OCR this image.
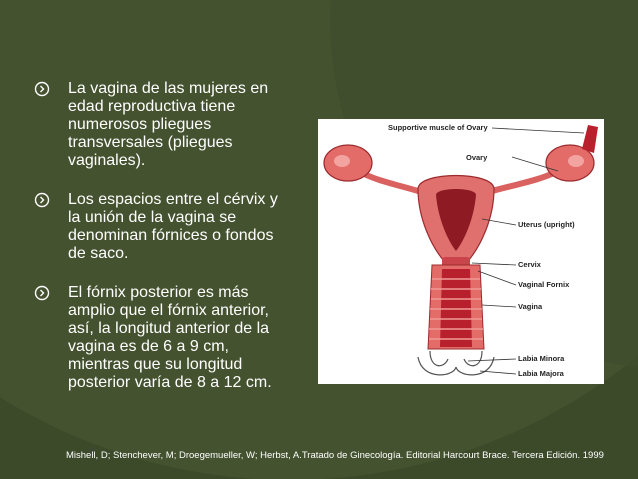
La vagina de las mujeres en edad reproductiva tiene numerosos pliegues transversales (pliegues vaginales).
Los espacios entre el cérvix y la unión de la vagina se denominan fórnices o fondos de saco.
El fórnix posterior es más amplio que el fórnix anterior, así, la longitud anterior de la vagina es de 6 a 9 cm, mientras que su longitud posterior varía de 8 a 12 cm.
Supportive muscle of Ovary
Ovary
Uterus (upright)
Cervix
Vaginal Fornix
Vagina
Labia Minora
Labia Majora
Mishell, D; Stenchever, M; Droegemueller, W; Herbst, A.Tratado de Ginecología. Editorial Harcourt Brace. Tercera Edición. 1999
